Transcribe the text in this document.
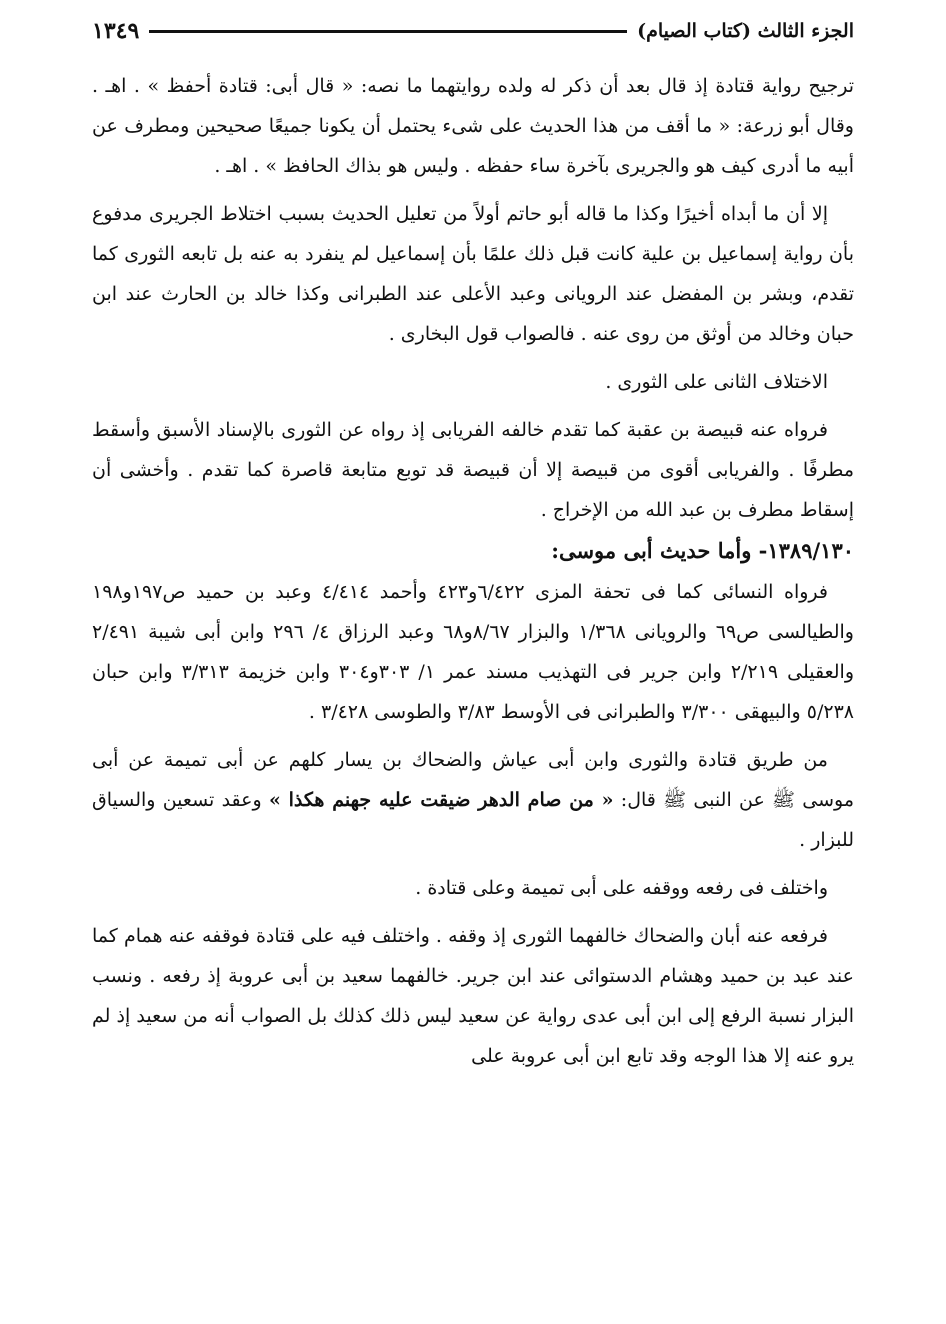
الجزء الثالث (كتاب الصيام)
١٣٤٩

ترجيح رواية قتادة إذ قال بعد أن ذكر له ولده روايتهما ما نصه: « قال أبى: قتادة أحفظ » . اهـ . وقال أبو زرعة: « ما أقف من هذا الحديث على شىء يحتمل أن يكونا جميعًا صحيحين ومطرف عن أبيه ما أدرى كيف هو والجريرى بآخرة ساء حفظه . وليس هو بذاك الحافظ » . اهـ .

إلا أن ما أبداه أخيرًا وكذا ما قاله أبو حاتم أولاً من تعليل الحديث بسبب اختلاط الجريرى مدفوع بأن رواية إسماعيل بن علية كانت قبل ذلك علمًا بأن إسماعيل لم ينفرد به عنه بل تابعه الثورى كما تقدم، وبشر بن المفضل عند الرويانى وعبد الأعلى عند الطبرانى وكذا خالد بن الحارث عند ابن حبان وخالد من أوثق من روى عنه . فالصواب قول البخارى .

الاختلاف الثانى على الثورى .

فرواه عنه قبيصة بن عقبة كما تقدم خالفه الفريابى إذ رواه عن الثورى بالإسناد الأسبق وأسقط مطرفًا . والفريابى أقوى من قبيصة إلا أن قبيصة قد توبع متابعة قاصرة كما تقدم . وأخشى أن إسقاط مطرف بن عبد الله من الإخراج .

١٣٨٩/١٣٠- وأما حديث أبى موسى:

فرواه النسائى كما فى تحفة المزى ٦/٤٢٢و٤٢٣ وأحمد ٤/٤١٤ وعبد بن حميد ص١٩٧و١٩٨ والطيالسى ص٦٩ والرويانى ١/٣٦٨ والبزار ٨/٦٧و٦٨ وعبد الرزاق ٤/ ٢٩٦ وابن أبى شيبة ٢/٤٩١ والعقيلى ٢/٢١٩ وابن جرير فى التهذيب مسند عمر ١/ ٣٠٣و٣٠٤ وابن خزيمة ٣/٣١٣ وابن حبان ٥/٢٣٨ والبيهقى ٣/٣٠٠ والطبرانى فى الأوسط ٣/٨٣ والطوسى ٣/٤٢٨ .

من طريق قتادة والثورى وابن أبى عياش والضحاك بن يسار كلهم عن أبى تميمة عن أبى موسى ﷺ عن النبى ﷺ قال: « من صام الدهر ضيقت عليه جهنم هكذا » وعقد تسعين والسياق للبزار .

واختلف فى رفعه ووقفه على أبى تميمة وعلى قتادة .

فرفعه عنه أبان والضحاك خالفهما الثورى إذ وقفه . واختلف فيه على قتادة فوقفه عنه همام كما عند عبد بن حميد وهشام الدستوائى عند ابن جرير. خالفهما سعيد بن أبى عروبة إذ رفعه . ونسب البزار نسبة الرفع إلى ابن أبى عدى رواية عن سعيد ليس ذلك كذلك بل الصواب أنه من سعيد إذ لم يرو عنه إلا هذا الوجه وقد تابع ابن أبى عروبة على
